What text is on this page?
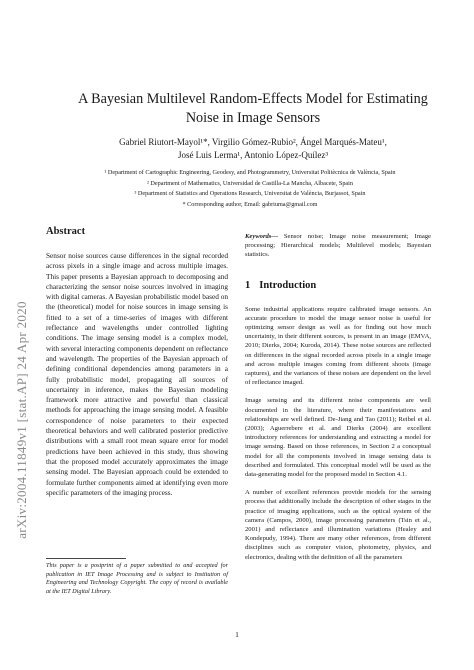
arXiv:2004.11849v1 [stat.AP] 24 Apr 2020
A Bayesian Multilevel Random-Effects Model for Estimating Noise in Image Sensors
Gabriel Riutort-Mayol¹*, Virgilio Gómez-Rubio², Ángel Marqués-Mateu¹,
José Luis Lerma¹, Antonio López-Quílez³
¹ Department of Cartographic Engineering, Geodesy, and Photogrammetry, Universitat Politècnica de València, Spain
² Department of Mathematics, Universidad de Castilla-La Mancha, Albacete, Spain
³ Department of Statistics and Operations Research, Universitat de València, Burjassot, Spain
* Corresponding author, Email: gabriuma@gmail.com
Abstract

Sensor noise sources cause differences in the signal recorded across pixels in a single image and across multiple images. This paper presents a Bayesian approach to decomposing and characterizing the sensor noise sources involved in imaging with digital cameras. A Bayesian probabilistic model based on the (theoretical) model for noise sources in image sensing is fitted to a set of a time-series of images with different reflectance and wavelengths under controlled lighting conditions. The image sensing model is a complex model, with several interacting components dependent on reflectance and wavelength. The properties of the Bayesian approach of defining conditional dependencies among parameters in a fully probabilistic model, propagating all sources of uncertainty in inference, makes the Bayesian modeling framework more attractive and powerful than classical methods for approaching the image sensing model. A feasible correspondence of noise parameters to their expected theoretical behaviors and well calibrated posterior predictive distributions with a small root mean square error for model predictions have been achieved in this study, thus showing that the proposed model accurately approximates the image sensing model. The Bayesian approach could be extended to formulate further components aimed at identifying even more specific parameters of the imaging process.

This paper is a postprint of a paper submitted to and accepted for publication in IET Image Processing and is subject to Institution of Engineering and Technology Copyright. The copy of record is available at the IET Digital Library.

Keywords— Sensor noise; Image noise measurement; Image processing; Hierarchical models; Multilevel models; Bayesian statistics.

1 Introduction

Some industrial applications require calibrated image sensors. An accurate procedure to model the image sensor noise is useful for optimizing sensor design as well as for finding out how much uncertainty, in their different sources, is present in an image (EMVA, 2010; Dierks, 2004; Kuroda, 2014). These noise sources are reflected on differences in the signal recorded across pixels in a single image and across multiple images coming from different shoots (image captures), and the variances of these noises are dependent on the level of reflectance imaged.

Image sensing and its different noise components are well documented in the literature, where their manifestations and relationships are well defined. De-Jiang and Tao (2011); Reibel et al. (2003); Aguerrebere et al. and Dierks (2004) are excellent introductory references for understanding and extracting a model for image sensing. Based on those references, in Section 2 a conceptual model for all the components involved in image sensing data is described and formulated. This conceptual model will be used as the data-generating model for the proposed model in Section 4.1.

A number of excellent references provide models for the sensing process that additionally include the description of other stages in the practice of imaging applications, such as the optical system of the camera (Campos, 2000), image processing parameters (Tsin et al., 2001) and reflectance and illumination variations (Healey and Kondepudy, 1994). There are many other references, from different disciplines such as computer vision, photometry, physics, and electronics, dealing with the definition of all the parameters

1
